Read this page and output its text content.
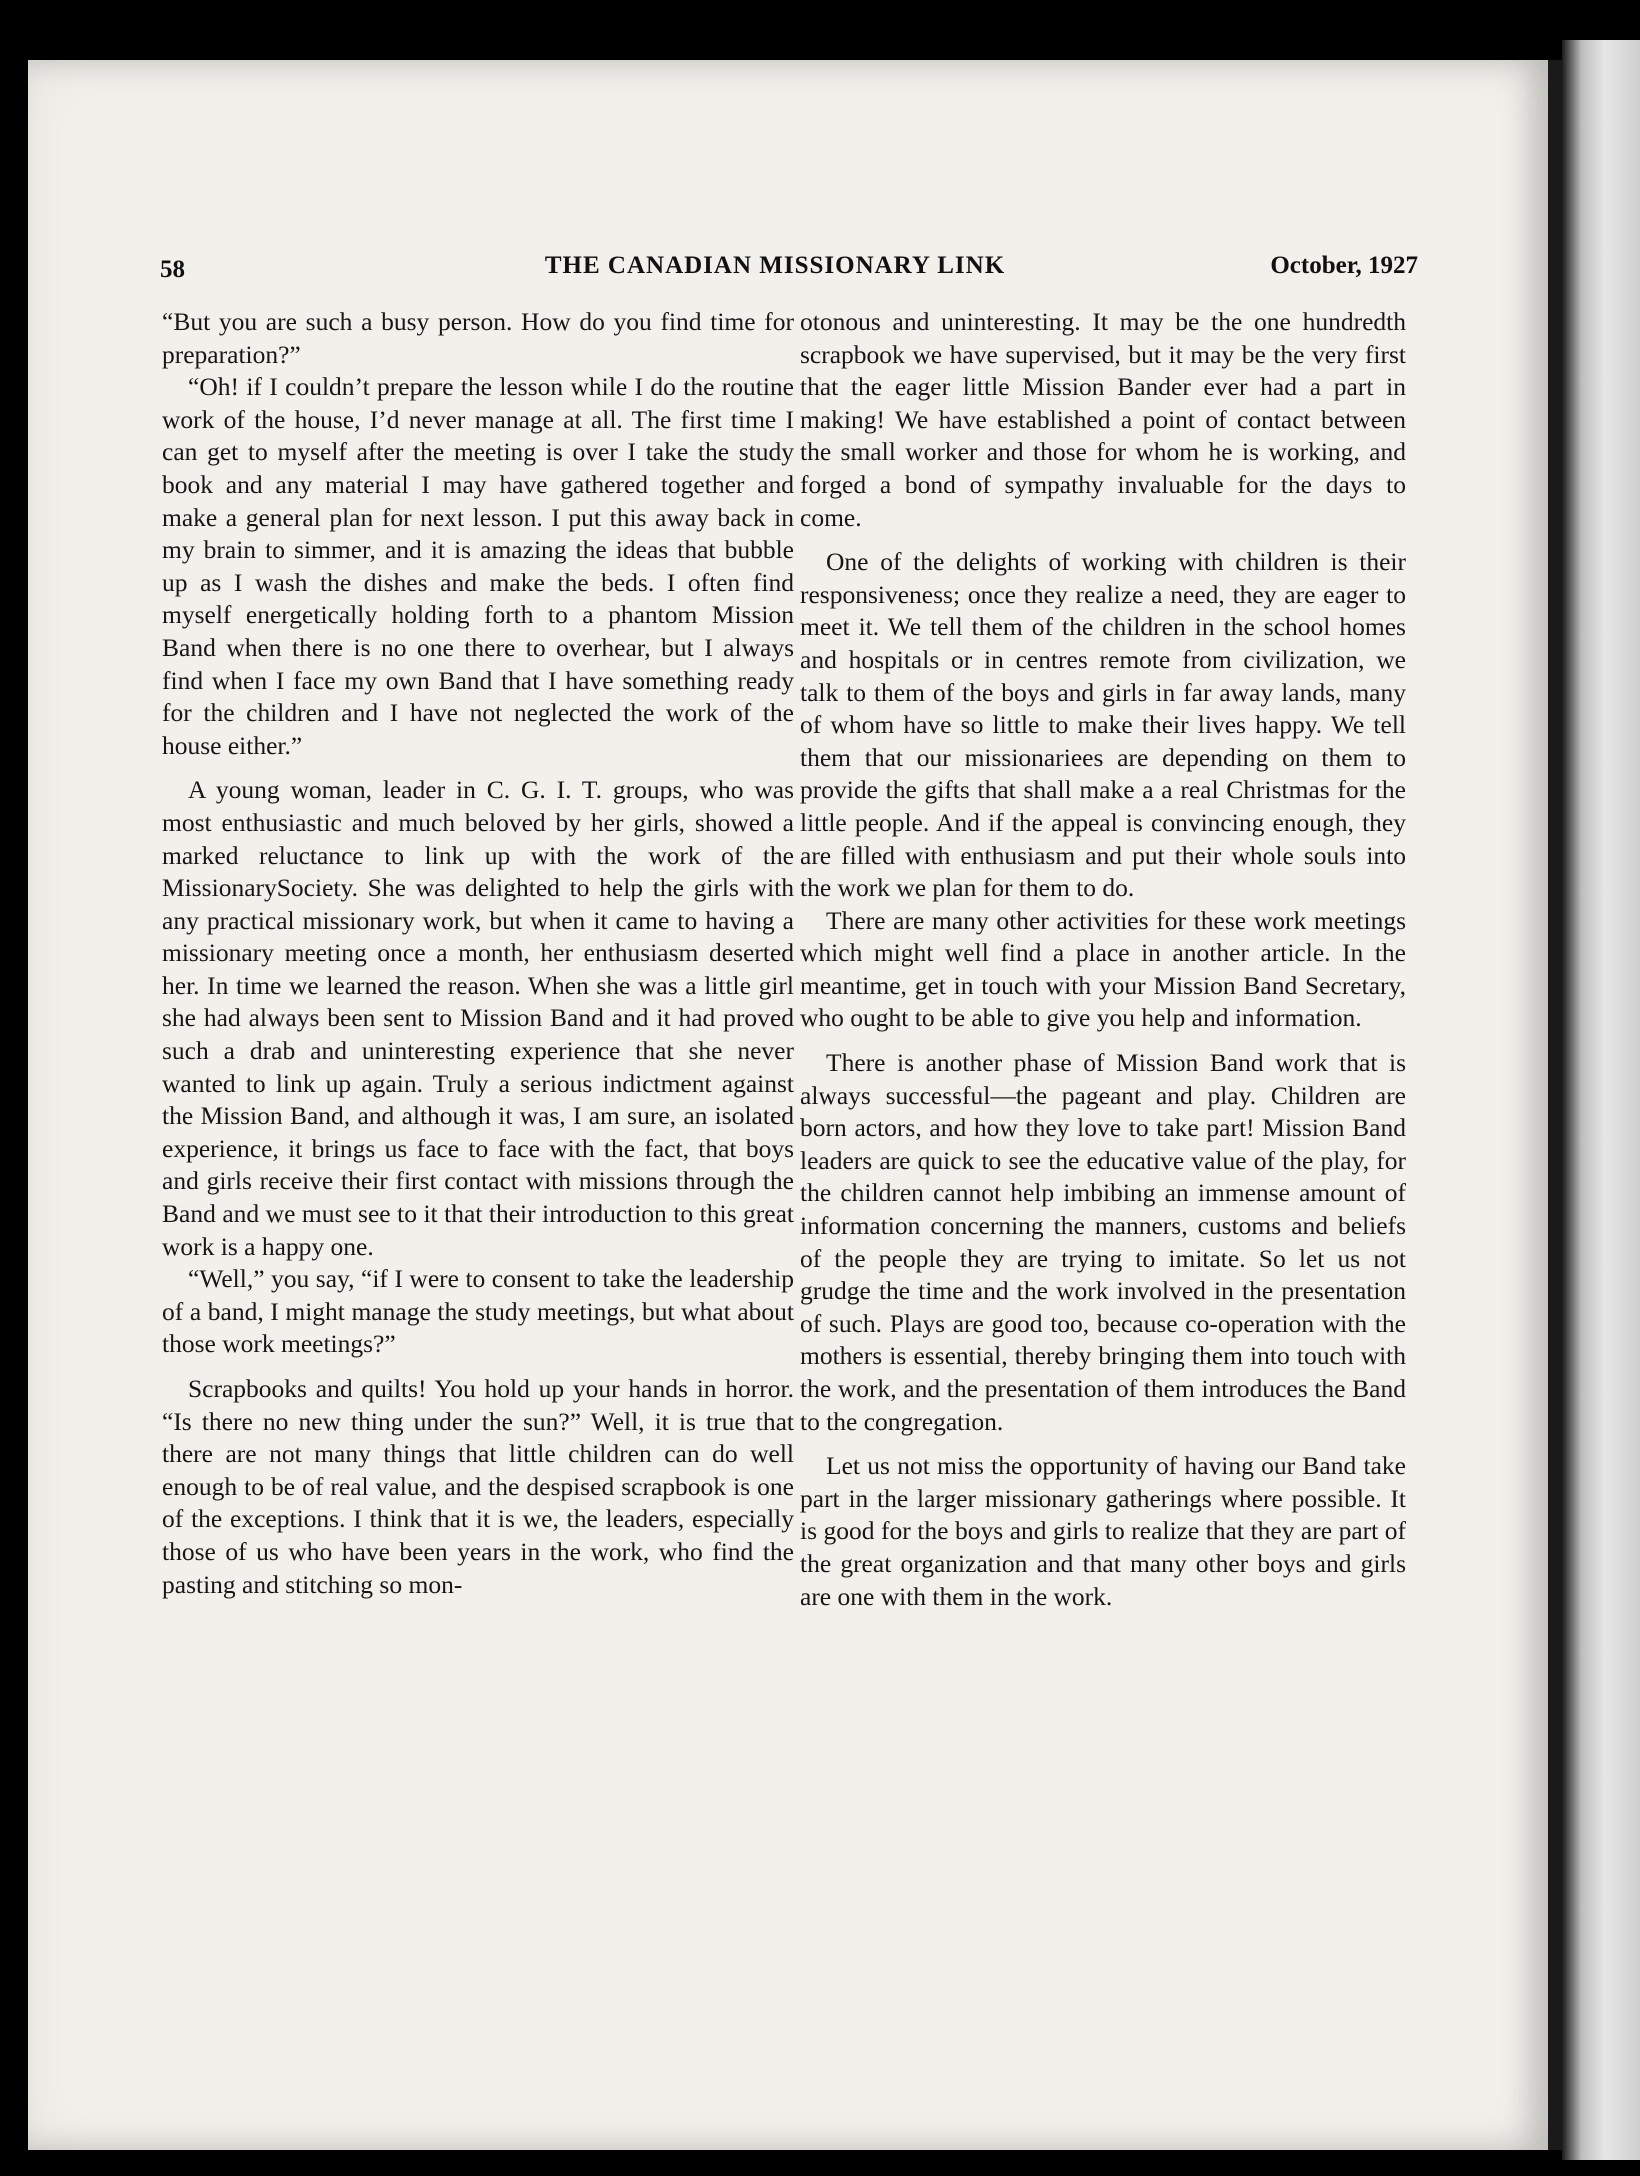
58	THE CANADIAN MISSIONARY LINK	October, 1927

“But you are such a busy person. How do you find time for preparation?”

“Oh! if I couldn’t prepare the lesson while I do the routine work of the house, I’d never manage at all. The first time I can get to myself after the meeting is over I take the study book and any material I may have gathered together and make a general plan for next lesson. I put this away back in my brain to simmer, and it is amazing the ideas that bubble up as I wash the dishes and make the beds. I often find myself energetically holding forth to a phantom Mission Band when there is no one there to overhear, but I always find when I face my own Band that I have something ready for the children and I have not neglected the work of the house either.”

A young woman, leader in C. G. I. T. groups, who was most enthusiastic and much beloved by her girls, showed a marked reluctance to link up with the work of the MissionarySociety. She was delighted to help the girls with any practical missionary work, but when it came to having a missionary meeting once a month, her enthusiasm deserted her. In time we learned the reason. When she was a little girl she had always been sent to Mission Band and it had proved such a drab and uninteresting experience that she never wanted to link up again. Truly a serious indictment against the Mission Band, and although it was, I am sure, an isolated experience, it brings us face to face with the fact, that boys and girls receive their first contact with missions through the Band and we must see to it that their introduction to this great work is a happy one.

“Well,” you say, “if I were to consent to take the leadership of a band, I might manage the study meetings, but what about those work meetings?”

Scrapbooks and quilts! You hold up your hands in horror. “Is there no new thing under the sun?” Well, it is true that there are not many things that little children can do well enough to be of real value, and the despised scrapbook is one of the exceptions. I think that it is we, the leaders, especially those of us who have been years in the work, who find the pasting and stitching so mon-

otonous and uninteresting. It may be the one hundredth scrapbook we have supervised, but it may be the very first that the eager little Mission Bander ever had a part in making! We have established a point of contact between the small worker and those for whom he is working, and forged a bond of sympathy invaluable for the days to come.

One of the delights of working with children is their responsiveness; once they realize a need, they are eager to meet it. We tell them of the children in the school homes and hospitals or in centres remote from civilization, we talk to them of the boys and girls in far away lands, many of whom have so little to make their lives happy. We tell them that our missionariees are depending on them to provide the gifts that shall make a a real Christmas for the little people. And if the appeal is convincing enough, they are filled with enthusiasm and put their whole souls into the work we plan for them to do.

There are many other activities for these work meetings which might well find a place in another article. In the meantime, get in touch with your Mission Band Secretary, who ought to be able to give you help and information.

There is another phase of Mission Band work that is always successful—the pageant and play. Children are born actors, and how they love to take part! Mission Band leaders are quick to see the educative value of the play, for the children cannot help imbibing an immense amount of information concerning the manners, customs and beliefs of the people they are trying to imitate. So let us not grudge the time and the work involved in the presentation of such. Plays are good too, because co-operation with the mothers is essential, thereby bringing them into touch with the work, and the presentation of them introduces the Band to the congregation.

Let us not miss the opportunity of having our Band take part in the larger missionary gatherings where possible. It is good for the boys and girls to realize that they are part of the great organization and that many other boys and girls are one with them in the work.
